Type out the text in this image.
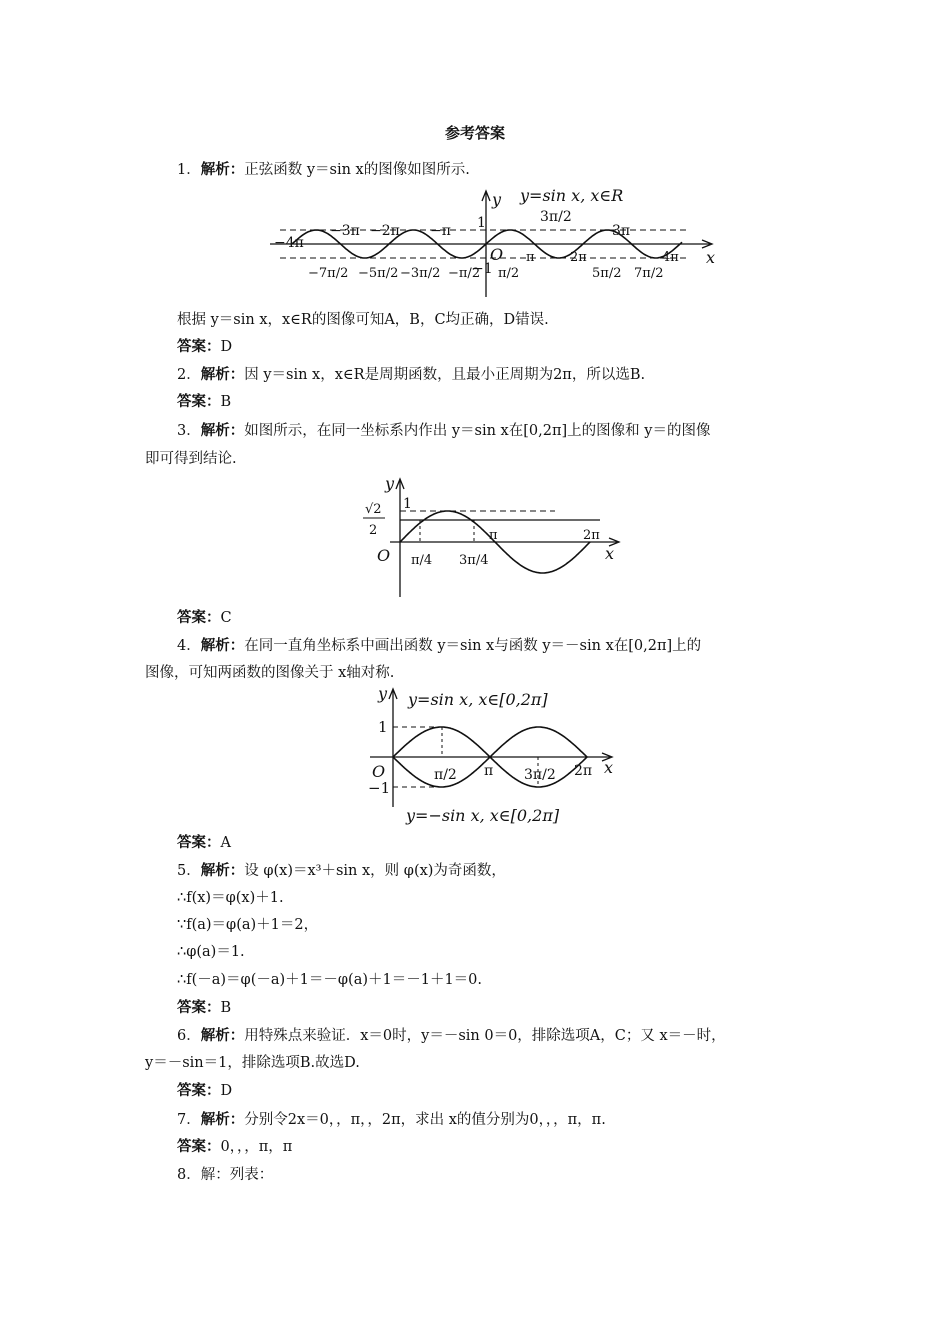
参考答案
1．解析：正弦函数 y＝sin x的图像如图所示.
y=sin x, x∈R
O	x
y
1
−1
−4π
−3π −2π −π
3π/2
3π
−7π/2 −5π/2 −3π/2 −π/2 π/2
π	2π
5π/2 7π/2
4π
根据 y＝sin x，x∈R的图像可知A，B，C均正确，D错误.
答案：D
2．解析：因 y＝sin x，x∈R是周期函数，且最小正周期为2π，所以选B.
答案：B
3．解析：如图所示，在同一坐标系内作出 y＝sin x在[0,2π]上的图像和 y＝的图像
即可得到结论.
O	x
y
1
√2
2
π/4 3π/4
π	2π
答案：C
4．解析：在同一直角坐标系中画出函数 y＝sin x与函数 y＝－sin x在[0,2π]上的
图像，可知两函数的图像关于 x轴对称.
y=sin x, x∈[0,2π]
y=−sin x, x∈[0,2π]
O	x
y
1
−1
π/2 π 3π/2 2π
答案：A
5．解析：设 φ(x)＝x³＋sin x，则 φ(x)为奇函数，
∴f(x)＝φ(x)＋1.
∵f(a)＝φ(a)＋1＝2，
∴φ(a)＝1.
∴f(－a)＝φ(－a)＋1＝－φ(a)＋1＝－1＋1＝0.
答案：B
6．解析：用特殊点来验证．x＝0时，y＝－sin 0＝0，排除选项A，C；又 x＝－时，
y＝－sin＝1，排除选项B.故选D.
答案：D
7．解析：分别令2x＝0，，π，，2π，求出 x的值分别为0，，，π，π.
答案：0，，，π，π
8．解：列表：
